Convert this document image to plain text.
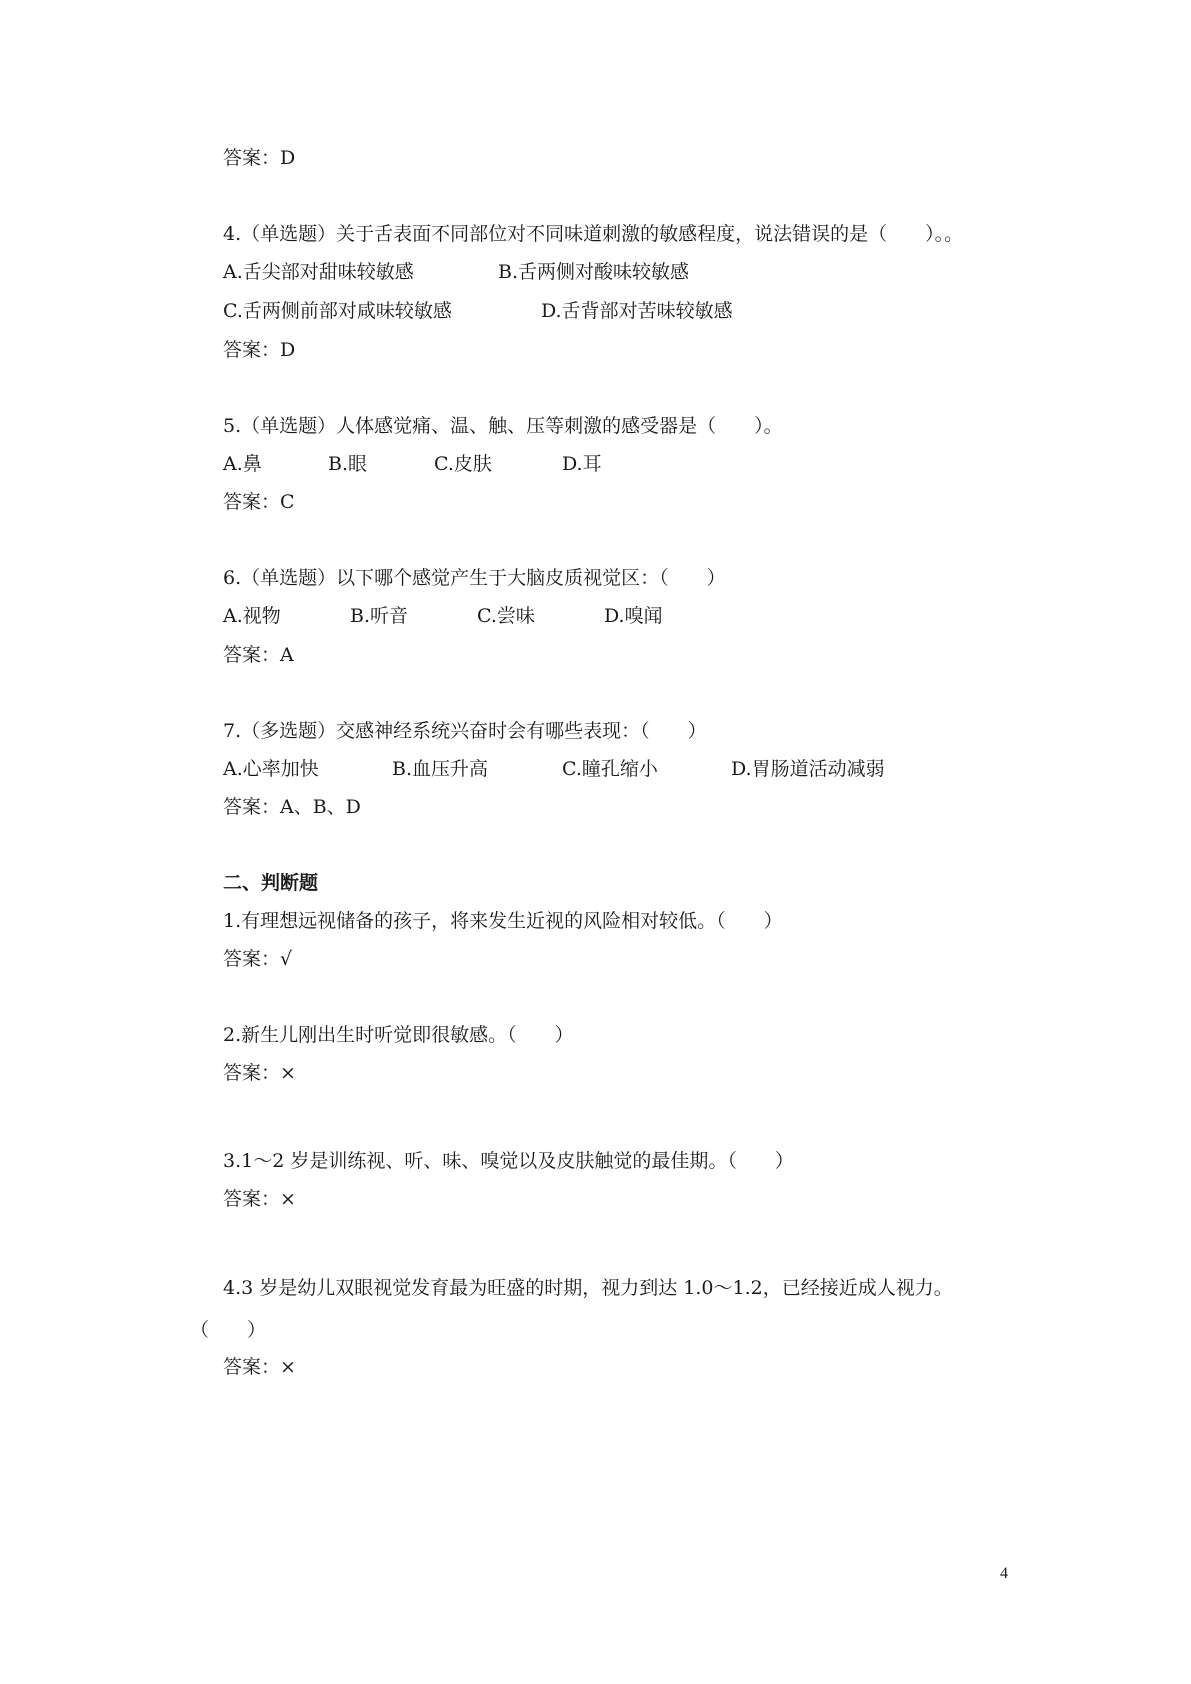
答案：D
4.（单选题）关于舌表面不同部位对不同味道刺激的敏感程度，说法错误的是（　　）。。
A.舌尖部对甜味较敏感	B.舌两侧对酸味较敏感
C.舌两侧前部对咸味较敏感	D.舌背部对苦味较敏感
答案：D
5.（单选题）人体感觉痛、温、触、压等刺激的感受器是（　　）。
A.鼻	B.眼	C.皮肤	D.耳
答案：C
6.（单选题）以下哪个感觉产生于大脑皮质视觉区：（　　）
A.视物	B.听音	C.尝味	D.嗅闻
答案：A
7.（多选题）交感神经系统兴奋时会有哪些表现：（　　）
A.心率加快	B.血压升高	C.瞳孔缩小	D.胃肠道活动减弱
答案：A、B、D
二、判断题
1.有理想远视储备的孩子，将来发生近视的风险相对较低。（　　）
答案：√
2.新生儿刚出生时听觉即很敏感。（　　）
答案：×
3.1～2 岁是训练视、听、味、嗅觉以及皮肤触觉的最佳期。（　　）
答案：×
4.3 岁是幼儿双眼视觉发育最为旺盛的时期，视力到达 1.0～1.2，已经接近成人视力。
（　　）
答案：×
4
